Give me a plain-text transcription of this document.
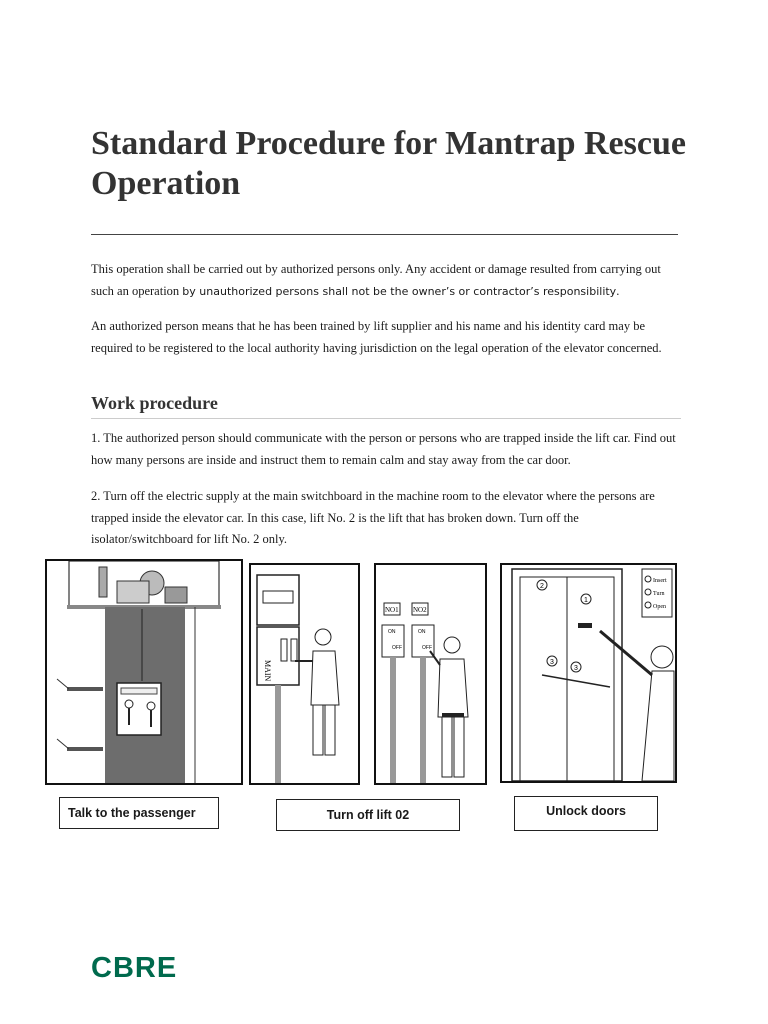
Standard Procedure for Mantrap Rescue Operation
This operation shall be carried out by authorized persons only. Any accident or damage resulted from carrying out such an operation by unauthorized persons shall not be the owner’s or contractor’s responsibility.
An authorized person means that he has been trained by lift supplier and his name and his identity card may be required to be registered to the local authority having jurisdiction on the legal operation of the elevator concerned.
Work procedure
1. The authorized person should communicate with the person or persons who are trapped inside the lift car. Find out how many persons are inside and instruct them to remain calm and stay away from the car door.
2. Turn off the electric supply at the main switchboard in the machine room to the elevator where the persons are trapped inside the elevator car. In this case, lift No. 2 is the lift that has broken down. Turn off the isolator/switchboard for lift No. 2 only.
MAIN
NO1 NO2
ON
OFF
ON
OFF
Insert
Turn
Open
2
1
3
3
Talk to the passenger	Turn off lift 02	Unlock doors
CBRE
